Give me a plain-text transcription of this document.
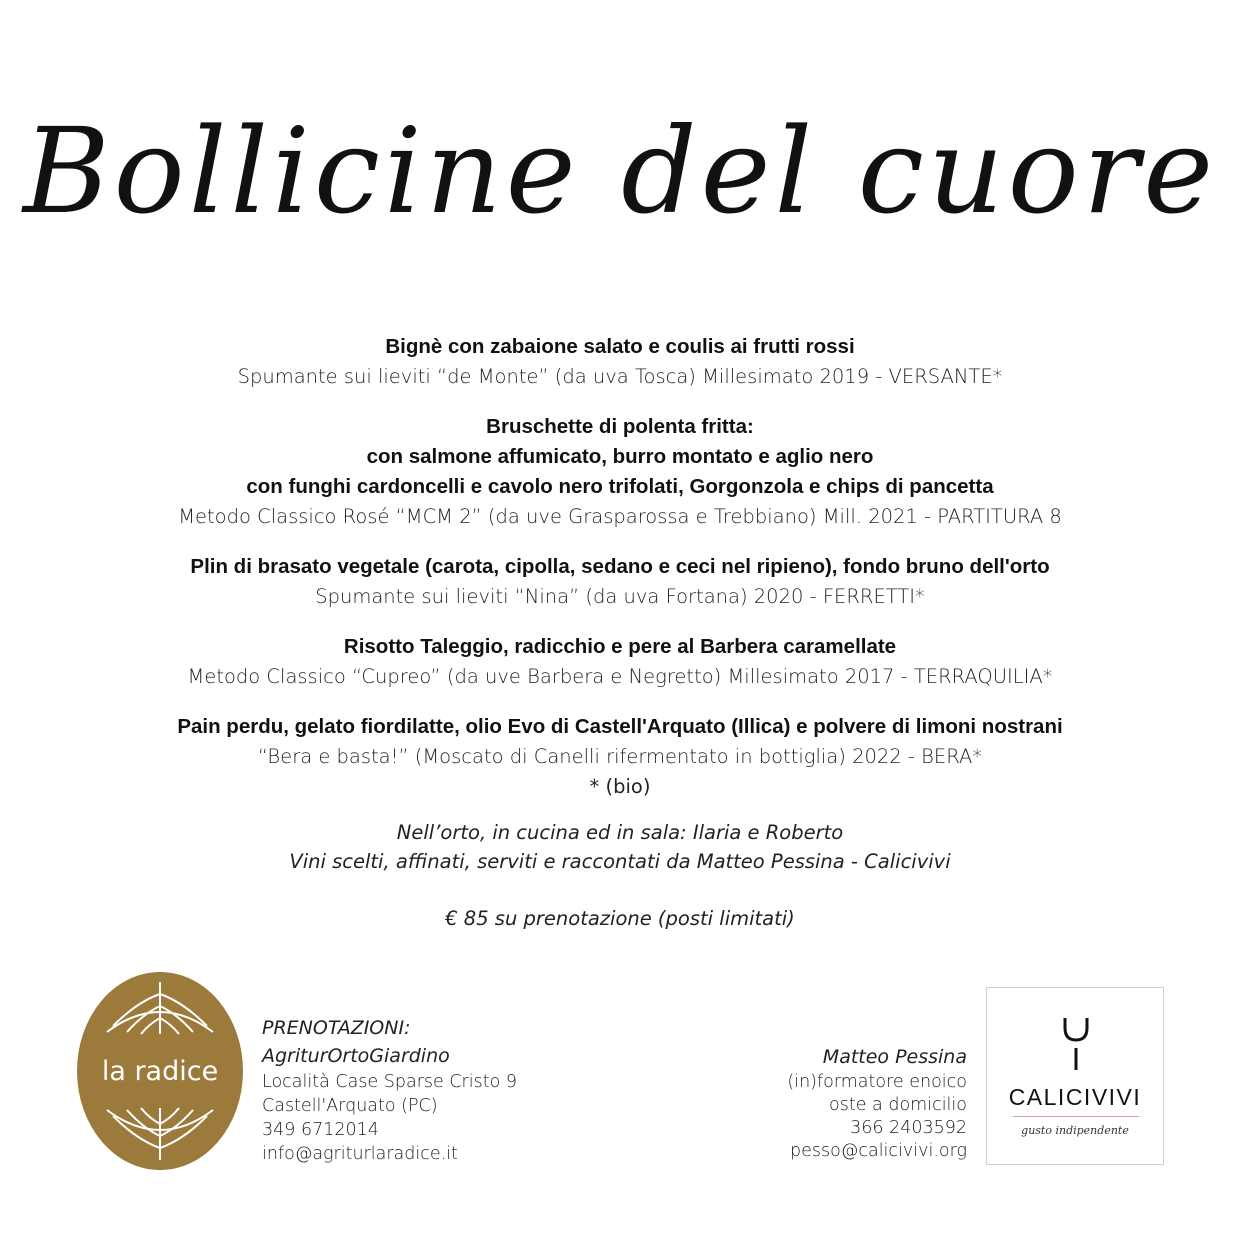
Bollicine del cuore
Bignè con zabaione salato e coulis ai frutti rossi
Spumante sui lieviti “de Monte” (da uva Tosca) Millesimato 2019 - VERSANTE*
Bruschette di polenta fritta:
con salmone affumicato, burro montato e aglio nero
con funghi cardoncelli e cavolo nero trifolati, Gorgonzola e chips di pancetta
Metodo Classico Rosé “MCM 2” (da uve Grasparossa e Trebbiano) Mill. 2021 - PARTITURA 8
Plin di brasato vegetale (carota, cipolla, sedano e ceci nel ripieno), fondo bruno dell'orto
Spumante sui lieviti “Nina” (da uva Fortana) 2020 - FERRETTI*
Risotto Taleggio, radicchio e pere al Barbera caramellate
Metodo Classico “Cupreo” (da uve Barbera e Negretto) Millesimato 2017 - TERRAQUILIA*
Pain perdu, gelato fiordilatte, olio Evo di Castell'Arquato (Illica) e polvere di limoni nostrani
“Bera e basta!” (Moscato di Canelli rifermentato in bottiglia) 2022 - BERA*
* (bio)
Nell’orto, in cucina ed in sala: Ilaria e Roberto
Vini scelti, affinati, serviti e raccontati da Matteo Pessina - Calicivivi
€ 85 su prenotazione (posti limitati)
la radice
PRENOTAZIONI:
AgriturOrtoGiardino
Località Case Sparse Cristo 9
Castell'Arquato (PC)
349 6712014
info@agriturlaradice.it
Matteo Pessina
(in)formatore enoico
oste a domicilio
366 2403592
pesso@calicivivi.org
CALICIVIVI
gusto indipendente
